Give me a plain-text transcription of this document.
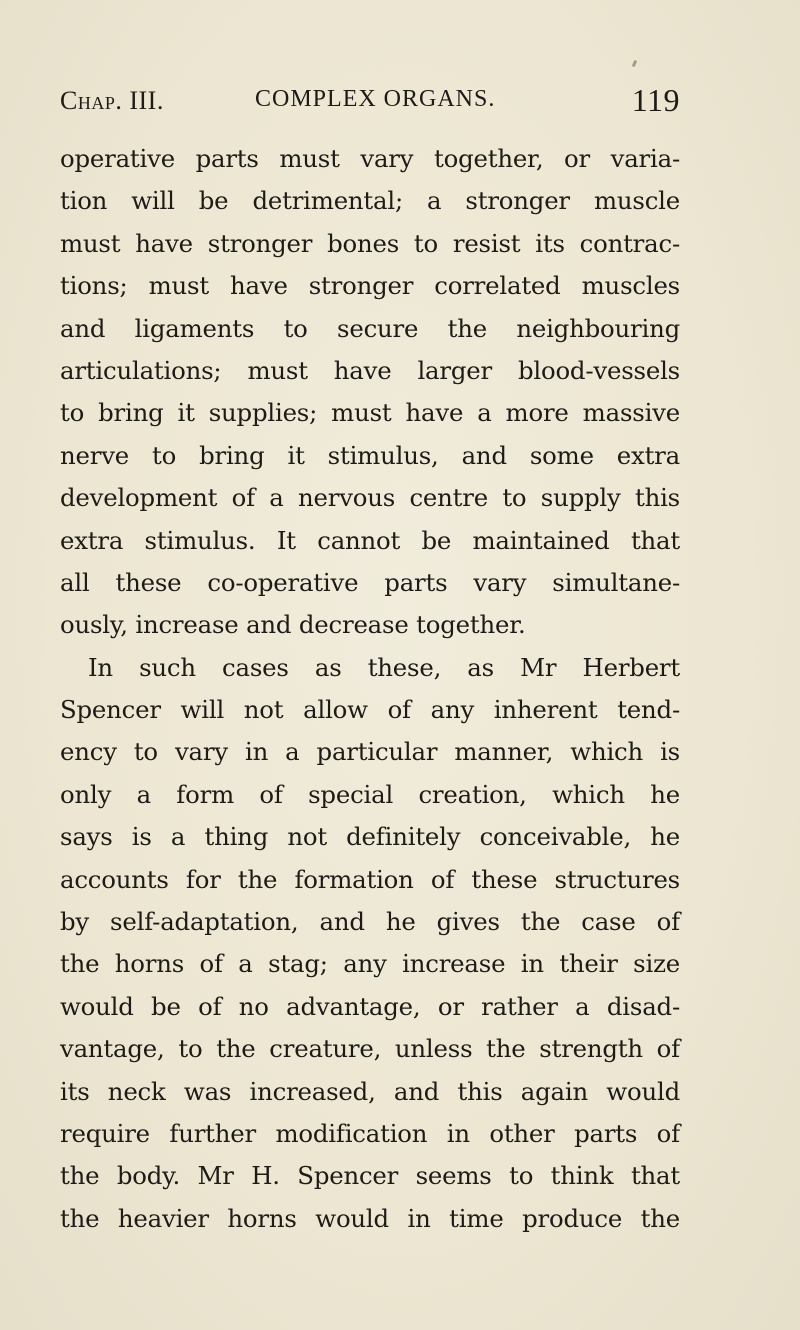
Chap. III.	COMPLEX ORGANS.	119
operative parts must vary together, or varia-
tion will be detrimental; a stronger muscle
must have stronger bones to resist its contrac-
tions; must have stronger correlated muscles
and ligaments to secure the neighbouring
articulations; must have larger blood-vessels
to bring it supplies; must have a more massive
nerve to bring it stimulus, and some extra
development of a nervous centre to supply this
extra stimulus. It cannot be maintained that
all these co-operative parts vary simultane-
ously, increase and decrease together.
In such cases as these, as Mr Herbert
Spencer will not allow of any inherent tend-
ency to vary in a particular manner, which is
only a form of special creation, which he
says is a thing not definitely conceivable, he
accounts for the formation of these structures
by self-adaptation, and he gives the case of
the horns of a stag; any increase in their size
would be of no advantage, or rather a disad-
vantage, to the creature, unless the strength of
its neck was increased, and this again would
require further modification in other parts of
the body. Mr H. Spencer seems to think that
the heavier horns would in time produce the
